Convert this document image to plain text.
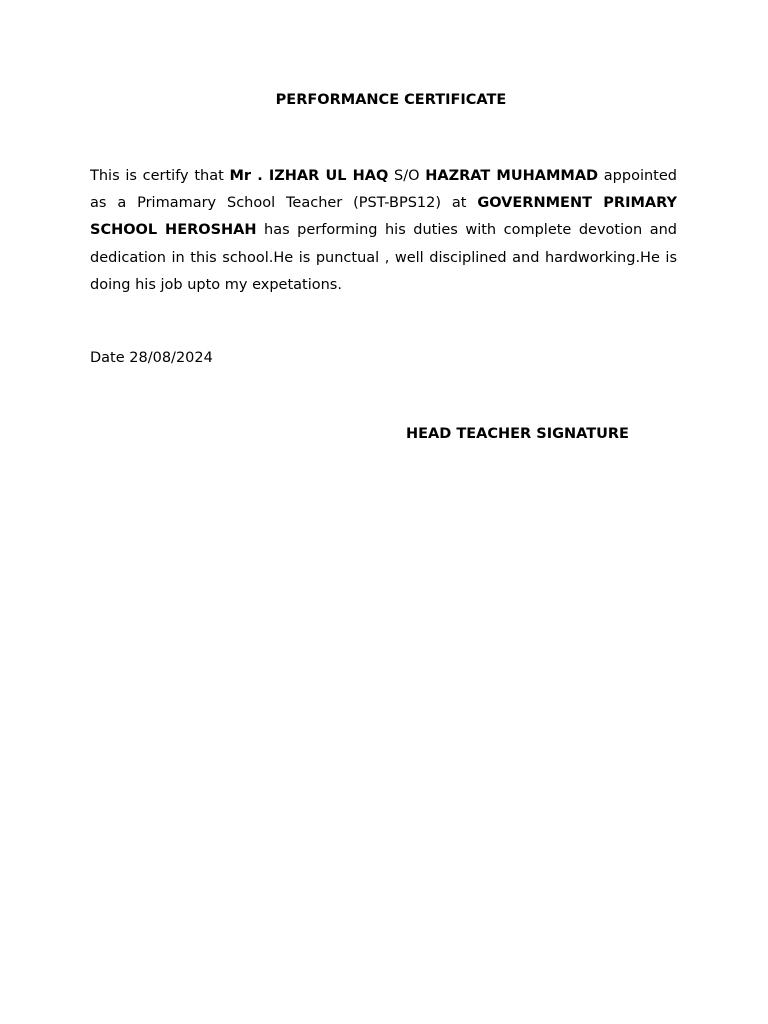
PERFORMANCE CERTIFICATE

This is certify that Mr . IZHAR UL HAQ S/O HAZRAT MUHAMMAD appointed as a Primamary School Teacher (PST-BPS12) at GOVERNMENT PRIMARY SCHOOL HEROSHAH has performing his duties with complete devotion and dedication in this school.He is punctual , well disciplined and hardworking.He is doing his job upto my expetations.

Date 28/08/2024

HEAD TEACHER SIGNATURE
